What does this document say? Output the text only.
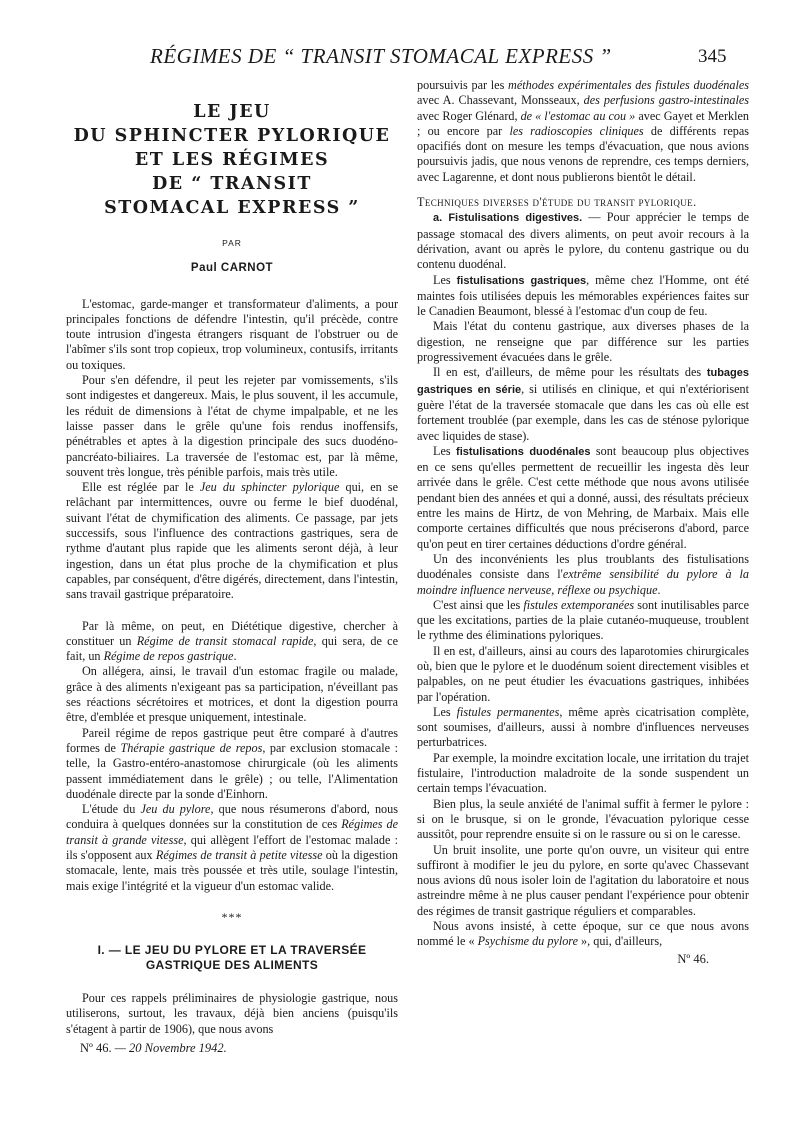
RÉGIMES DE “ TRANSIT STOMACAL EXPRESS ”	345
LE JEU
DU SPHINCTER PYLORIQUE
ET LES RÉGIMES
DE “ TRANSIT
STOMACAL EXPRESS ”
PAR
Paul CARNOT

L'estomac, garde-manger et transformateur d'aliments, a pour principales fonctions de défendre l'intestin, qu'il précède, contre toute intrusion d'ingesta étrangers risquant de l'obstruer ou de l'abîmer s'ils sont trop copieux, trop volumineux, contusifs, irritants ou toxiques.

Pour s'en défendre, il peut les rejeter par vomissements, s'ils sont indigestes et dangereux. Mais, le plus souvent, il les accumule, les réduit de dimensions à l'état de chyme impalpable, et ne les laisse passer dans le grêle qu'une fois rendus inoffensifs, pénétrables et aptes à la digestion principale des sucs duodéno-pancréato-biliaires. La traversée de l'estomac est, par là même, souvent très longue, très pénible parfois, mais très utile.

Elle est réglée par le Jeu du sphincter pylorique qui, en se relâchant par intermittences, ouvre ou ferme le bief duodénal, suivant l'état de chymification des aliments. Ce passage, par jets successifs, sous l'influence des contractions gastriques, sera de rythme d'autant plus rapide que les aliments seront déjà, à leur ingestion, dans un état plus proche de la chymification et plus capables, par conséquent, d'être digérés, directement, dans l'intestin, sans travail gastrique préparatoire.

Par là même, on peut, en Diététique digestive, chercher à constituer un Régime de transit stomacal rapide, qui sera, de ce fait, un Régime de repos gastrique.

On allégera, ainsi, le travail d'un estomac fragile ou malade, grâce à des aliments n'exigeant pas sa participation, n'éveillant pas ses réactions sécrétoires et motrices, et dont la digestion pourra être, d'emblée et presque uniquement, intestinale.

Pareil régime de repos gastrique peut être comparé à d'autres formes de Thérapie gastrique de repos, par exclusion stomacale : telle, la Gastro-entéro-anastomose chirurgicale (où les aliments passent immédiatement dans le grêle) ; ou telle, l'Alimentation duodénale directe par la sonde d'Einhorn.

L'étude du Jeu du pylore, que nous résumerons d'abord, nous conduira à quelques données sur la constitution de ces Régimes de transit à grande vitesse, qui allègent l'effort de l'estomac malade : ils s'opposent aux Régimes de transit à petite vitesse où la digestion stomacale, lente, mais très poussée et très utile, soulage l'intestin, mais exige l'intégrité et la vigueur d'un estomac valide.

***
I. — LE JEU DU PYLORE ET LA TRAVERSÉE
GASTRIQUE DES ALIMENTS

Pour ces rappels préliminaires de physiologie gastrique, nous utiliserons, surtout, les travaux, déjà bien anciens (puisqu'ils s'étagent à partir de 1906), que nous avons

Nº 46. — 20 Novembre 1942.

poursuivis par les méthodes expérimentales des fistules duodénales avec A. Chassevant, Monsseaux, des perfusions gastro-intestinales avec Roger Glénard, de « l'estomac au cou » avec Gayet et Merklen ; ou encore par les radioscopies cliniques de différents repas opacifiés dont on mesure les temps d'évacuation, que nous avions poursuivis jadis, que nous venons de reprendre, ces temps derniers, avec Lagarenne, et dont nous publierons bientôt le détail.

Techniques diverses d'étude du transit pylorique.

a. Fistulisations digestives. — Pour apprécier le temps de passage stomacal des divers aliments, on peut avoir recours à la dérivation, avant ou après le pylore, du contenu gastrique ou du contenu duodénal.

Les fistulisations gastriques, même chez l'Homme, ont été maintes fois utilisées depuis les mémorables expériences faites sur le Canadien Beaumont, blessé à l'estomac d'un coup de feu.

Mais l'état du contenu gastrique, aux diverses phases de la digestion, ne renseigne que par différence sur les parties progressivement évacuées dans le grêle.

Il en est, d'ailleurs, de même pour les résultats des tubages gastriques en série, si utilisés en clinique, et qui n'extériorisent guère l'état de la traversée stomacale que dans les cas où elle est fortement troublée (par exemple, dans les cas de sténose pylorique avec liquides de stase).

Les fistulisations duodénales sont beaucoup plus objectives en ce sens qu'elles permettent de recueillir les ingesta dès leur arrivée dans le grêle. C'est cette méthode que nous avons utilisée pendant bien des années et qui a donné, aussi, des résultats précieux entre les mains de Hirtz, de von Mehring, de Marbaix. Mais elle comporte certaines difficultés que nous préciserons d'abord, parce qu'on peut en tirer certaines déductions d'ordre général.

Un des inconvénients les plus troublants des fistulisations duodénales consiste dans l'extrême sensibilité du pylore à la moindre influence nerveuse, réflexe ou psychique.

C'est ainsi que les fistules extemporanées sont inutilisables parce que les excitations, parties de la plaie cutanéo-muqueuse, troublent le rythme des éliminations pyloriques.

Il en est, d'ailleurs, ainsi au cours des laparotomies chirurgicales où, bien que le pylore et le duodénum soient directement visibles et palpables, on ne peut étudier les évacuations gastriques, inhibées par l'opération.

Les fistules permanentes, même après cicatrisation complète, sont soumises, d'ailleurs, aussi à nombre d'influences nerveuses perturbatrices.

Par exemple, la moindre excitation locale, une irritation du trajet fistulaire, l'introduction maladroite de la sonde suspendent un certain temps l'évacuation.

Bien plus, la seule anxiété de l'animal suffit à fermer le pylore : si on le brusque, si on le gronde, l'évacuation pylorique cesse aussitôt, pour reprendre ensuite si on le rassure ou si on le caresse.

Un bruit insolite, une porte qu'on ouvre, un visiteur qui entre suffiront à modifier le jeu du pylore, en sorte qu'avec Chassevant nous avions dû nous isoler loin de l'agitation du laboratoire et nous astreindre même à ne plus causer pendant l'expérience pour obtenir des régimes de transit gastrique réguliers et comparables.

Nous avons insisté, à cette époque, sur ce que nous avons nommé le « Psychisme du pylore », qui, d'ailleurs,

Nº 46.
